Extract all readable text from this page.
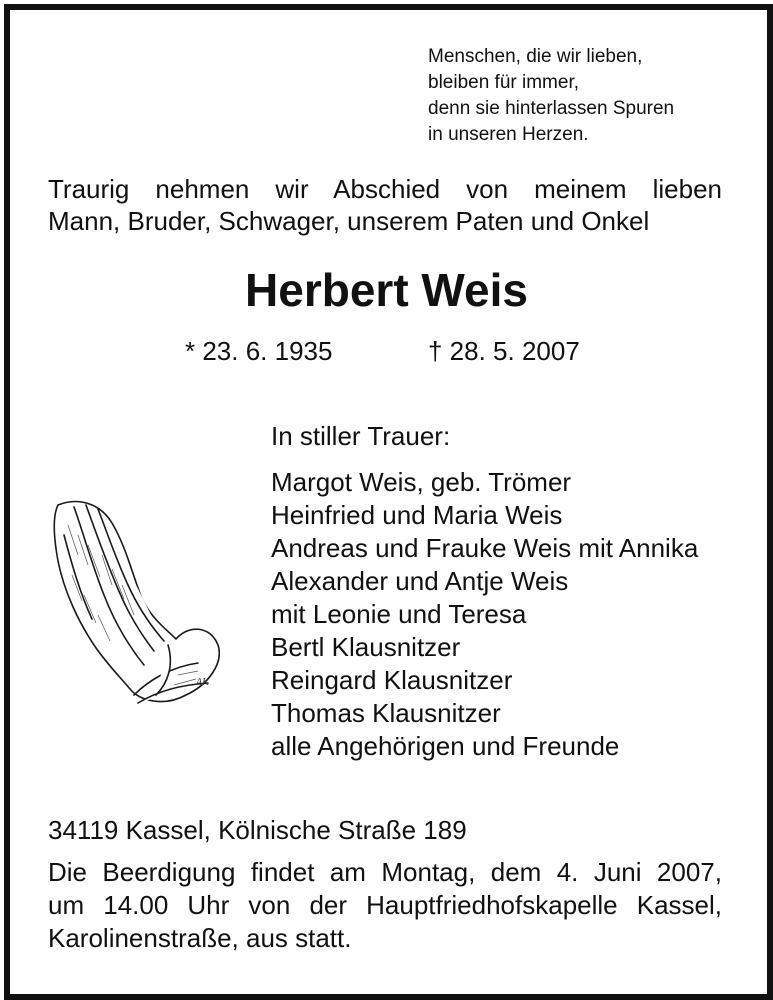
Menschen, die wir lieben,
bleiben für immer,
denn sie hinterlassen Spuren
in unseren Herzen.
Traurig nehmen wir Abschied von meinem lieben
Mann, Bruder, Schwager, unserem Paten und Onkel
Herbert Weis
* 23. 6. 1935	† 28. 5. 2007
In stiller Trauer:
Margot Weis, geb. Trömer
Heinfried und Maria Weis
Andreas und Frauke Weis mit Annika
Alexander und Antje Weis
mit Leonie und Teresa
Bertl Klausnitzer
Reingard Klausnitzer
Thomas Klausnitzer
alle Angehörigen und Freunde
AK
34119 Kassel, Kölnische Straße 189
Die Beerdigung findet am Montag, dem 4. Juni 2007,
um 14.00 Uhr von der Hauptfriedhofskapelle Kassel,
Karolinenstraße, aus statt.
